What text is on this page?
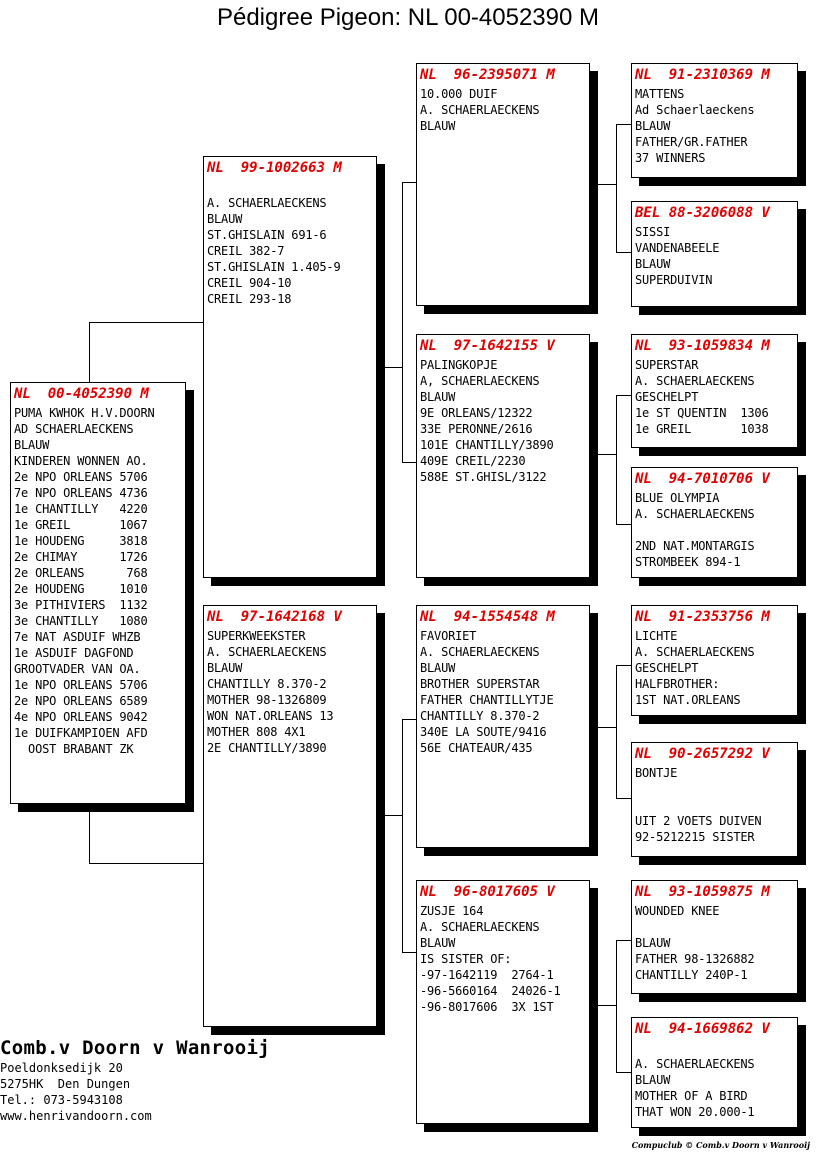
Pédigree Pigeon: NL 00-4052390 M
NL  00-4052390 M
PUMA KWHOK H.V.DOORN
AD SCHAERLAECKENS
BLAUW
KINDEREN WONNEN AO.
2e NPO ORLEANS 5706
7e NPO ORLEANS 4736
1e CHANTILLY   4220
1e GREIL       1067
1e HOUDENG     3818
2e CHIMAY      1726
2e ORLEANS      768
2e HOUDENG     1010
3e PITHIVIERS  1132
3e CHANTILLY   1080
7e NAT ASDUIF WHZB
1e ASDUIF DAGFOND
GROOTVADER VAN OA.
1e NPO ORLEANS 5706
2e NPO ORLEANS 6589
4e NPO ORLEANS 9042
1e DUIFKAMPIOEN AFD
OOST BRABANT ZK
NL  99-1002663 M

A. SCHAERLAECKENS
BLAUW
ST.GHISLAIN 691-6
CREIL 382-7
ST.GHISLAIN 1.405-9
CREIL 904-10
CREIL 293-18
NL  97-1642168 V
SUPERKWEEKSTER
A. SCHAERLAECKENS
BLAUW
CHANTILLY 8.370-2
MOTHER 98-1326809
WON NAT.ORLEANS 13
MOTHER 808 4X1
2E CHANTILLY/3890
NL  96-2395071 M
10.000 DUIF
A. SCHAERLAECKENS
BLAUW
NL  97-1642155 V
PALINGKOPJE
A, SCHAERLAECKENS
BLAUW
9E ORLEANS/12322
33E PERONNE/2616
101E CHANTILLY/3890
409E CREIL/2230
588E ST.GHISL/3122
NL  94-1554548 M
FAVORIET
A. SCHAERLAECKENS
BLAUW
BROTHER SUPERSTAR
FATHER CHANTILLYTJE
CHANTILLY 8.370-2
340E LA SOUTE/9416
56E CHATEAUR/435
NL  96-8017605 V
ZUSJE 164
A. SCHAERLAECKENS
BLAUW
IS SISTER OF:
-97-1642119  2764-1
-96-5660164  24026-1
-96-8017606  3X 1ST
NL  91-2310369 M
MATTENS
Ad Schaerlaeckens
BLAUW
FATHER/GR.FATHER
37 WINNERS
BEL 88-3206088 V
SISSI
VANDENABEELE
BLAUW
SUPERDUIVIN
NL  93-1059834 M
SUPERSTAR
A. SCHAERLAECKENS
GESCHELPT
1e ST QUENTIN  1306
1e GREIL       1038
NL  94-7010706 V
BLUE OLYMPIA
A. SCHAERLAECKENS

2ND NAT.MONTARGIS
STROMBEEK 894-1
NL  91-2353756 M
LICHTE
A. SCHAERLAECKENS
GESCHELPT
HALFBROTHER:
1ST NAT.ORLEANS
NL  90-2657292 V
BONTJE

UIT 2 VOETS DUIVEN
92-5212215 SISTER
NL  93-1059875 M
WOUNDED KNEE

BLAUW
FATHER 98-1326882
CHANTILLY 240P-1
NL  94-1669862 V

A. SCHAERLAECKENS
BLAUW
MOTHER OF A BIRD
THAT WON 20.000-1
Comb.v Doorn v Wanrooij
Poeldonksedijk 20
5275HK  Den Dungen
Tel.: 073-5943108
www.henrivandoorn.com
Compuclub © Comb.v Doorn v Wanrooij
